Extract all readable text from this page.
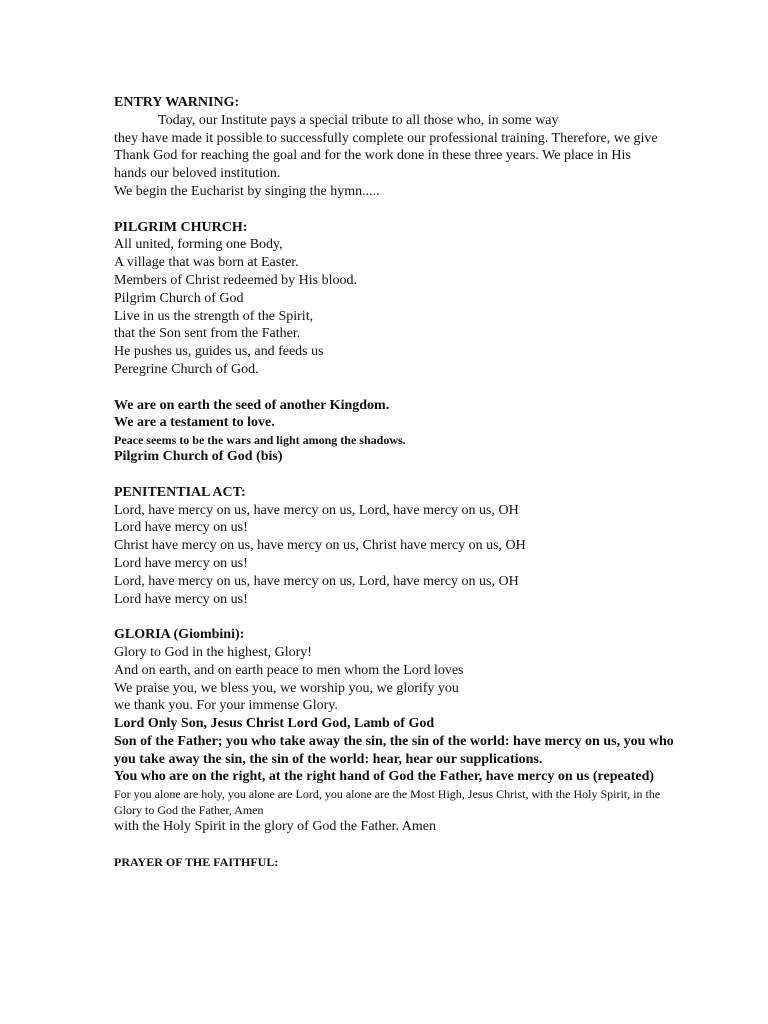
ENTRY WARNING:

Today, our Institute pays a special tribute to all those who, in some way

they have made it possible to successfully complete our professional training. Therefore, we give

Thank God for reaching the goal and for the work done in these three years. We place in His

hands our beloved institution.

We begin the Eucharist by singing the hymn.....

PILGRIM CHURCH:

All united, forming one Body,

A village that was born at Easter.

Members of Christ redeemed by His blood.

Pilgrim Church of God

Live in us the strength of the Spirit,

that the Son sent from the Father.

He pushes us, guides us, and feeds us

Peregrine Church of God.

We are on earth the seed of another Kingdom.

We are a testament to love.

Peace seems to be the wars and light among the shadows.

Pilgrim Church of God (bis)

PENITENTIAL ACT:

Lord, have mercy on us, have mercy on us, Lord, have mercy on us, OH

Lord have mercy on us!

Christ have mercy on us, have mercy on us, Christ have mercy on us, OH

Lord have mercy on us!

Lord, have mercy on us, have mercy on us, Lord, have mercy on us, OH

Lord have mercy on us!

GLORIA (Giombini):

Glory to God in the highest, Glory!

And on earth, and on earth peace to men whom the Lord loves

We praise you, we bless you, we worship you, we glorify you

we thank you. For your immense Glory.

Lord Only Son, Jesus Christ Lord God, Lamb of God

Son of the Father; you who take away the sin, the sin of the world: have mercy on us, you who

you take away the sin, the sin of the world: hear, hear our supplications.

You who are on the right, at the right hand of God the Father, have mercy on us (repeated)

For you alone are holy, you alone are Lord, you alone are the Most High, Jesus Christ, with the Holy Spirit, in the

Glory to God the Father, Amen

with the Holy Spirit in the glory of God the Father. Amen

PRAYER OF THE FAITHFUL:
